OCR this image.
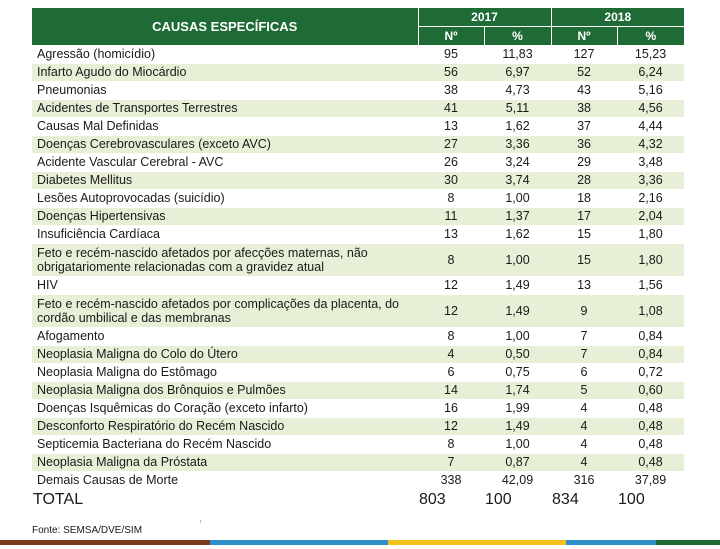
CAUSAS ESPECÍFICAS	2017		2018	
	Nº	%	Nº	%
Agressão (homicídio)	95	11,83	127	15,23
Infarto Agudo do Miocárdio	56	6,97	52	6,24
Pneumonias	38	4,73	43	5,16
Acidentes de Transportes Terrestres	41	5,11	38	4,56
Causas Mal Definidas	13	1,62	37	4,44
Doenças Cerebrovasculares (exceto AVC)	27	3,36	36	4,32
Acidente Vascular Cerebral - AVC	26	3,24	29	3,48
Diabetes Mellitus	30	3,74	28	3,36
Lesões Autoprovocadas (suicídio)	8	1,00	18	2,16
Doenças Hipertensivas	11	1,37	17	2,04
Insuficiência Cardíaca	13	1,62	15	1,80
Feto e recém-nascido afetados por afecções maternas, não obrigatariomente relacionadas com a gravidez atual	8	1,00	15	1,80
HIV	12	1,49	13	1,56
Feto e recém-nascido afetados por complicações da placenta, do cordão umbilical e das membranas	12	1,49	9	1,08
Afogamento	8	1,00	7	0,84
Neoplasia Maligna do Colo do Útero	4	0,50	7	0,84
Neoplasia Maligna do Estômago	6	0,75	6	0,72
Neoplasia Maligna dos Brônquios e Pulmões	14	1,74	5	0,60
Doenças Isquêmicas do Coração (exceto infarto)	16	1,99	4	0,48
Desconforto Respiratório do Recém Nascido	12	1,49	4	0,48
Septicemia Bacteriana do Recém Nascido	8	1,00	4	0,48
Neoplasia Maligna da Próstata	7	0,87	4	0,48
Demais Causas de Morte	338	42,09	316	37,89
TOTAL	803	100	834	100
Fonte: SEMSA/DVE/SIM
